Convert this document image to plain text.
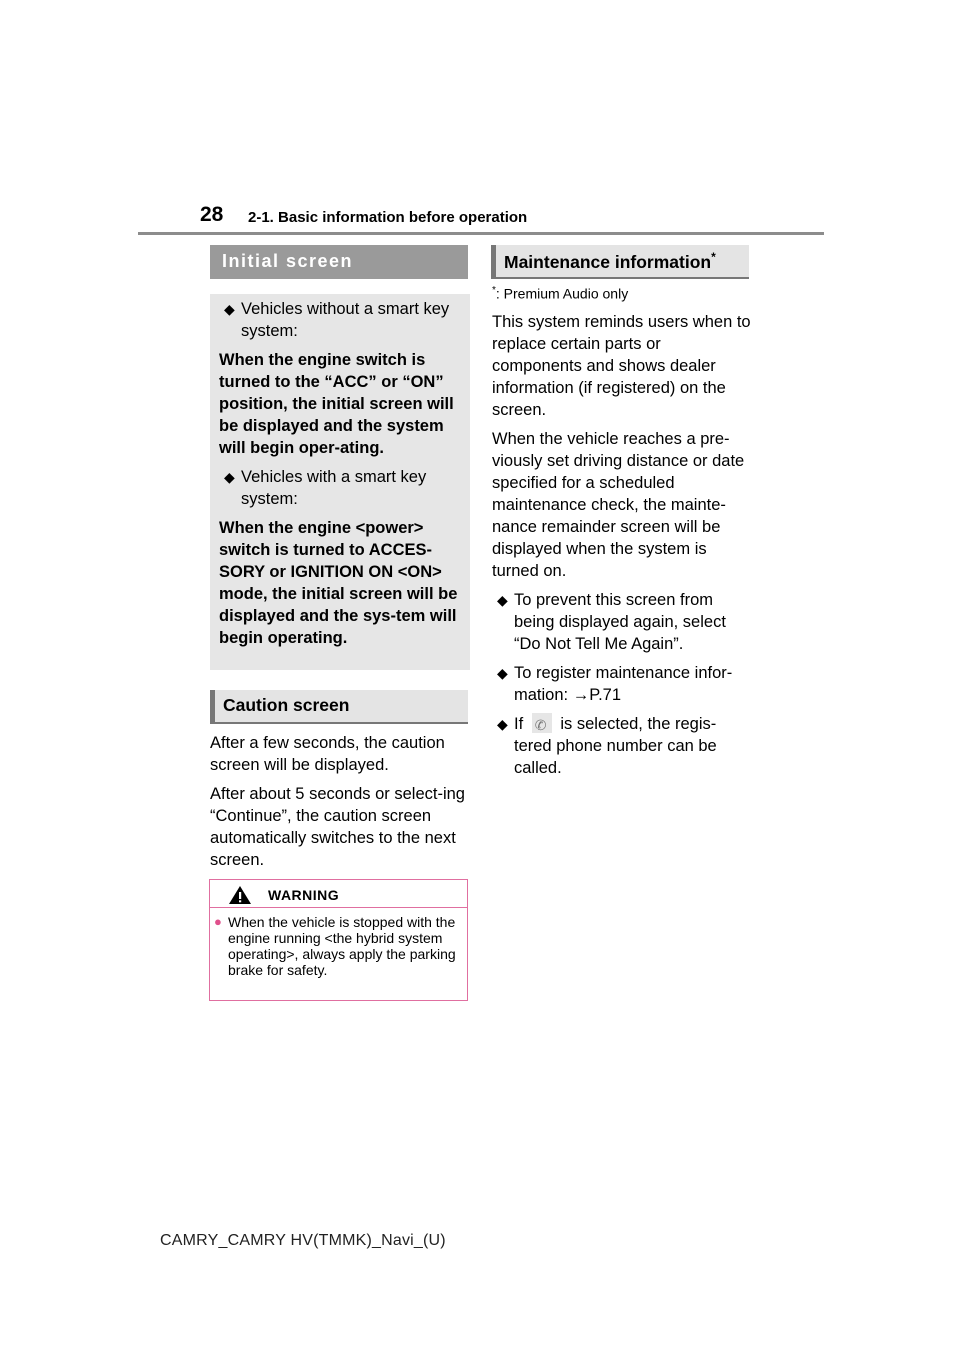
28 2-1. Basic information before operation
Initial screen
◆ Vehicles without a smart key system:

When the engine switch is turned to the “ACC” or “ON” position, the initial screen will be displayed and the system will begin oper-ating.

◆ Vehicles with a smart key system:

When the engine <power> switch is turned to ACCES-SORY or IGNITION ON <ON> mode, the initial screen will be displayed and the sys-tem will begin operating.

Caution screen

After a few seconds, the caution screen will be displayed.

After about 5 seconds or select-ing “Continue”, the caution screen automatically switches to the next screen.

WARNING
● When the vehicle is stopped with the engine running <the hybrid system operating>, always apply the parking brake for safety.
Maintenance information*
*: Premium Audio only

This system reminds users when to replace certain parts or components and shows dealer information (if registered) on the screen.

When the vehicle reaches a pre-viously set driving distance or date specified for a scheduled maintenance check, the mainte-nance remainder screen will be displayed when the system is turned on.

◆ To prevent this screen from being displayed again, select “Do Not Tell Me Again”.
◆ To register maintenance infor-mation: →P.71
◆ If ✆ is selected, the regis-tered phone number can be called.
CAMRY_CAMRY HV(TMMK)_Navi_(U)
